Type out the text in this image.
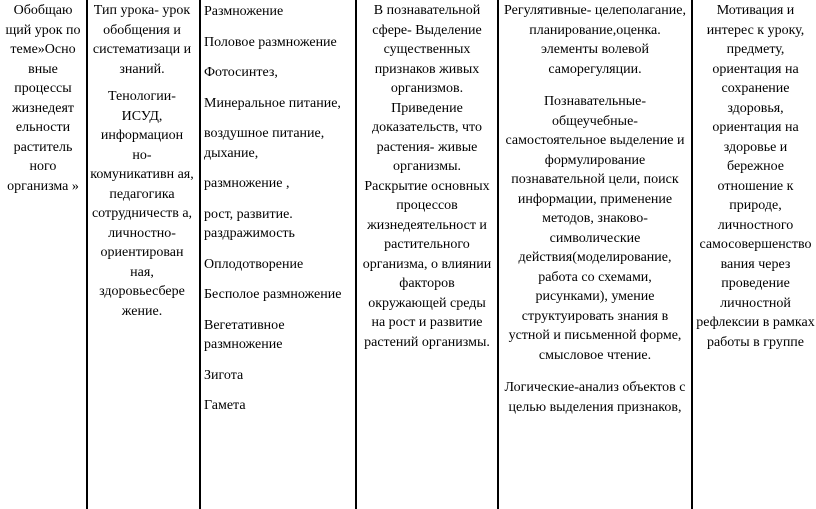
Обобщаю щий урок по теме»Осно вные процессы жизнедеят ельности раститель ного организма »

Тип урока- урок обобщения и систематизаци и знаний.

Тенологии- ИСУД, информацион но- комуникативн ая, педагогика сотрудничеств а, личностно- ориентирован ная, здоровьесбере жение.

Размножение

Половое размножение

Фотосинтез,

Минеральное питание,

воздушное питание, дыхание,

размножение ,

рост, развитие. раздражимость

Оплодотворение

Бесполое размножение

Вегетативное размножение

Зигота

Гамета

В познавательной сфере- Выделение существенных признаков живых организмов. Приведение доказательств, что растения- живые организмы. Раскрытие основных процессов жизнедеятельност и растительного организма, о влиянии факторов окружающей среды на рост и развитие растений организмы.

Регулятивные- целеполагание, планирование,оценка. элементы волевой саморегуляции.

Познавательные- общеучебные- самостоятельное выделение и формулирование познавательной цели, поиск информации, применение методов, знаково-символические действия(моделирование, работа со схемами, рисунками), умение структуировать знания в устной и письменной форме, смысловое чтение.

Логические-анализ объектов с целью выделения признаков,

Мотивация и интерес к уроку, предмету, ориентация на сохранение здоровья, ориентация на здоровье и бережное отношение к природе, личностного самосовершенство вания через проведение личностной рефлексии в рамках работы в группе
